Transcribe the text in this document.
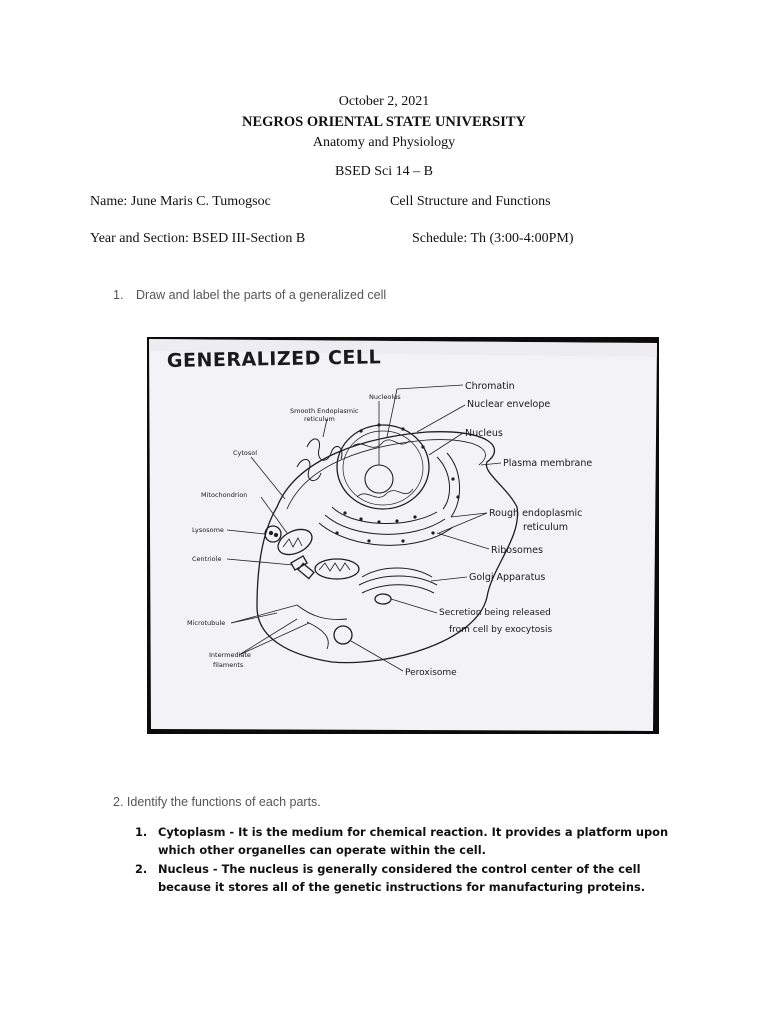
October 2, 2021
NEGROS ORIENTAL STATE UNIVERSITY
Anatomy and Physiology
BSED Sci 14 – B
Name: June Maris C. Tumogsoc	Cell Structure and Functions
Year and Section: BSED III-Section B	Schedule: Th (3:00-4:00PM)
1. Draw and label the parts of a generalized cell
GENERALIZED CELL
Chromatin
Nucleolus
Nuclear envelope
Smooth Endoplasmic
reticulum
Nucleus
Cytosol
Plasma membrane
Mitochondrion
Rough endoplasmic
reticulum
Lysosome
Ribosomes
Centriole
Golgi Apparatus
Secretion being released
from cell by exocytosis
Microtubule
Intermediate
filaments
Peroxisome
2. Identify the functions of each parts.
1. Cytoplasm - It is the medium for chemical reaction. It provides a platform upon which other organelles can operate within the cell.
2. Nucleus - The nucleus is generally considered the control center of the cell because it stores all of the genetic instructions for manufacturing proteins.
